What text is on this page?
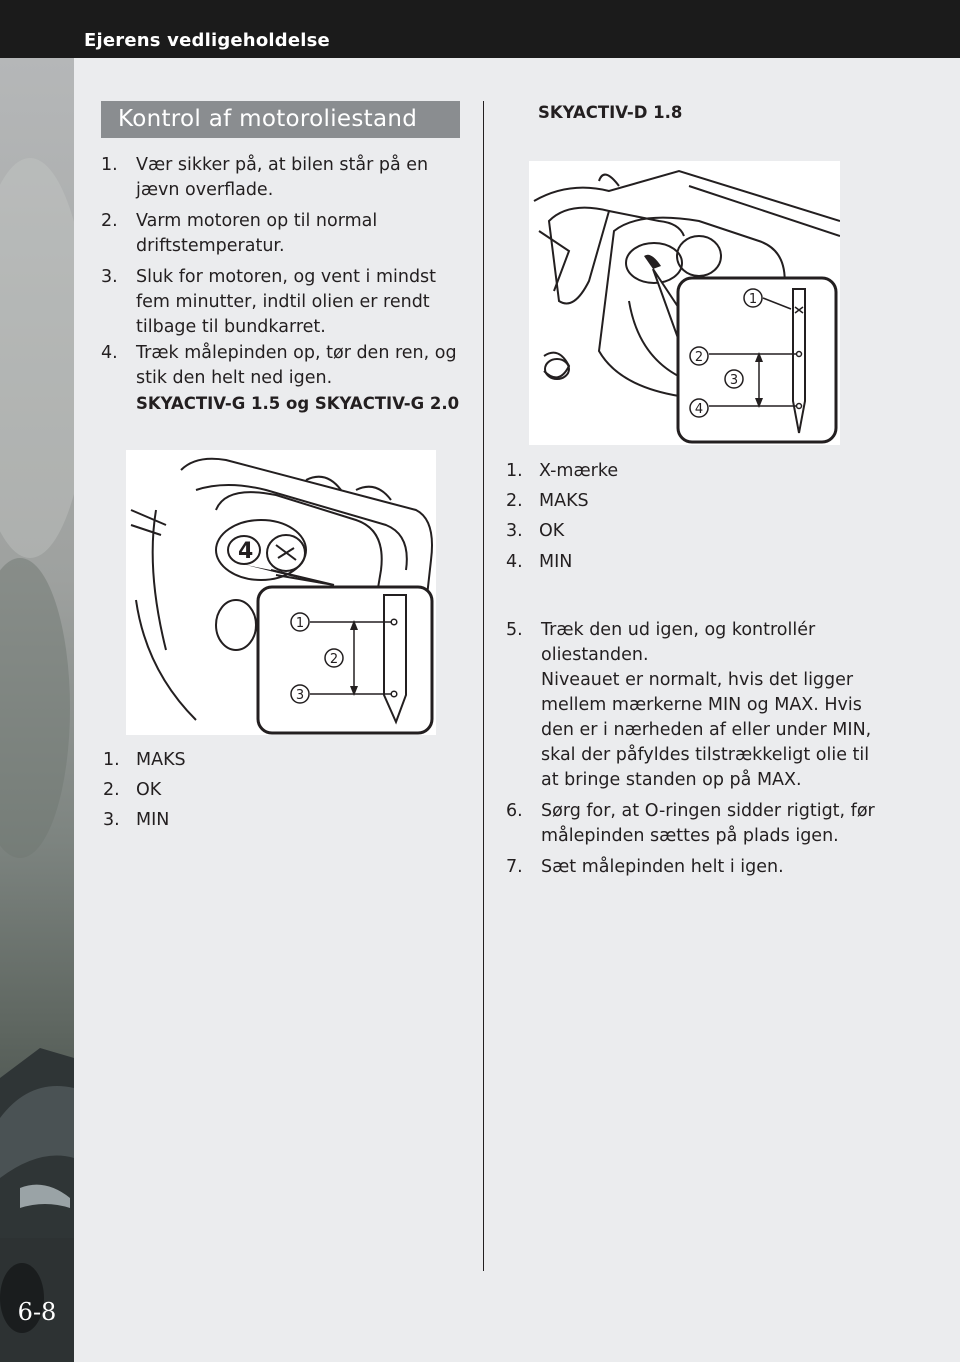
Ejerens vedligeholdelse
6-8
Kontrol af motoroliestand
1. Vær sikker på, at bilen står på en jævn overflade.
2. Varm motoren op til normal driftstemperatur.
3. Sluk for motoren, og vent i mindst fem minutter, indtil olien er rendt tilbage til bundkarret.
4. Træk målepinden op, tør den ren, og stik den helt ned igen.
SKYACTIV-G 1.5 og SKYACTIV-G 2.0
4
1
2
3
1. MAKS
2. OK
3. MIN
SKYACTIV-D 1.8
1
2
3
4
1. X-mærke
2. MAKS
3. OK
4. MIN
5. Træk den ud igen, og kontrollér oliestanden.
Niveauet er normalt, hvis det ligger mellem mærkerne MIN og MAX. Hvis den er i nærheden af eller under MIN, skal der påfyldes tilstrækkeligt olie til at bringe standen op på MAX.
6. Sørg for, at O-ringen sidder rigtigt, før målepinden sættes på plads igen.
7. Sæt målepinden helt i igen.
